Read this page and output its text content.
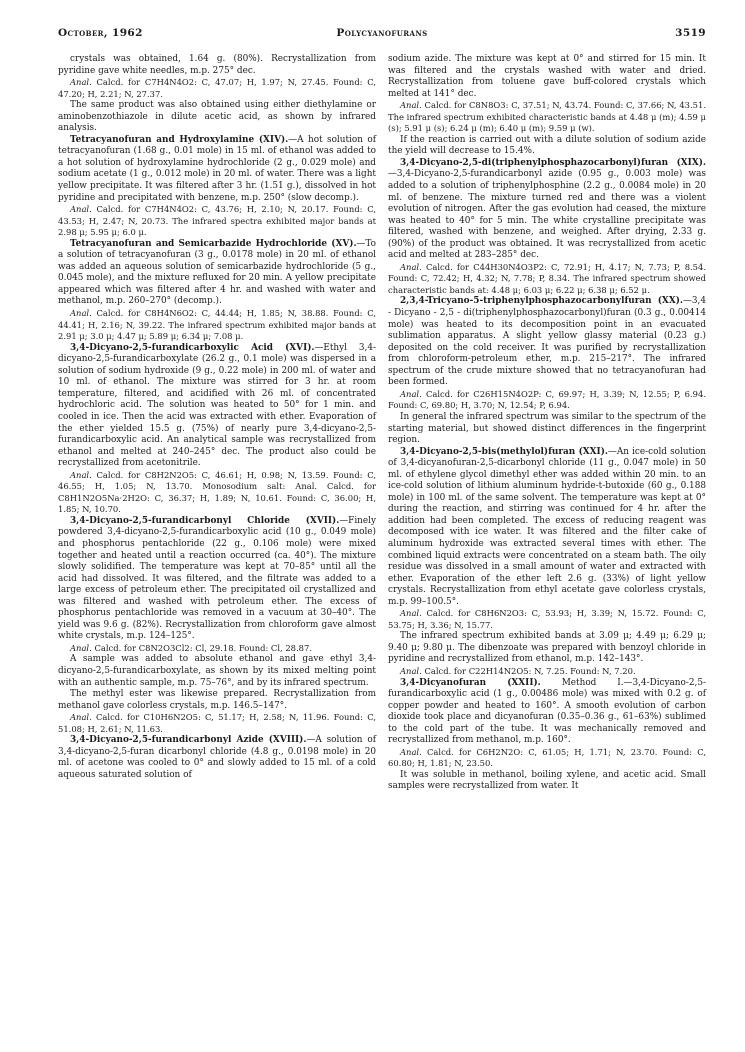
October, 1962	Polycyanofurans	3519

crystals was obtained, 1.64 g. (80%). Recrystallization from pyridine gave white needles, m.p. 275° dec.

Anal. Calcd. for C7H4N4O2: C, 47.07; H, 1.97; N, 27.45. Found: C, 47.20; H, 2.21; N, 27.37.

The same product was also obtained using either diethylamine or aminobenzothiazole in dilute acetic acid, as shown by infrared analysis.

Tetracyanofuran and Hydroxylamine (XIV).—A hot solution of tetracyanofuran (1.68 g., 0.01 mole) in 15 ml. of ethanol was added to a hot solution of hydroxylamine hydrochloride (2 g., 0.029 mole) and sodium acetate (1 g., 0.012 mole) in 20 ml. of water. There was a light yellow precipitate. It was filtered after 3 hr. (1.51 g.), dissolved in hot pyridine and precipitated with benzene, m.p. 250° (slow decomp.).

Anal. Calcd. for C7H4N4O2: C, 43.76; H, 2.10; N, 20.17. Found: C, 43.53; H, 2.47; N, 20.73. The infrared spectra exhibited major bands at 2.98 μ; 5.95 μ; 6.0 μ.

Tetracyanofuran and Semicarbazide Hydrochloride (XV).—To a solution of tetracyanofuran (3 g., 0.0178 mole) in 20 ml. of ethanol was added an aqueous solution of semicarbazide hydrochloride (5 g., 0.045 mole), and the mixture refluxed for 20 min. A yellow precipitate appeared which was filtered after 4 hr. and washed with water and methanol, m.p. 260–270° (decomp.).

Anal. Calcd. for C8H4N6O2: C, 44.44; H, 1.85; N, 38.88. Found: C, 44.41; H, 2.16; N, 39.22. The infrared spectrum exhibited major bands at 2.91 μ; 3.0 μ; 4.47 μ; 5.89 μ; 6.34 μ; 7.08 μ.

3,4-Dicyano-2,5-furandicarboxylic Acid (XVI).—Ethyl 3,4-dicyano-2,5-furandicarboxylate (26.2 g., 0.1 mole) was dispersed in a solution of sodium hydroxide (9 g., 0.22 mole) in 200 ml. of water and 10 ml. of ethanol. The mixture was stirred for 3 hr. at room temperature, filtered, and acidified with 26 ml. of concentrated hydrochloric acid. The solution was heated to 50° for 1 min. and cooled in ice. Then the acid was extracted with ether. Evaporation of the ether yielded 15.5 g. (75%) of nearly pure 3,4-dicyano-2,5-furandicarboxylic acid. An analytical sample was recrystallized from ethanol and melted at 240–245° dec. The product also could be recrystallized from acetonitrile.

Anal. Calcd. for C8H2N2O5: C, 46.61; H, 0.98; N, 13.59. Found: C, 46.55; H, 1.05; N, 13.70. Monosodium salt: Anal. Calcd. for C8H1N2O5Na·2H2O: C, 36.37; H, 1.89; N, 10.61. Found: C, 36.00; H, 1.85; N, 10.70.

3,4-Dicyano-2,5-furandicarbonyl Chloride (XVII).—Finely powdered 3,4-dicyano-2,5-furandicarboxylic acid (10 g., 0.049 mole) and phosphorus pentachloride (22 g., 0.106 mole) were mixed together and heated until a reaction occurred (ca. 40°). The mixture slowly solidified. The temperature was kept at 70–85° until all the acid had dissolved. It was filtered, and the filtrate was added to a large excess of petroleum ether. The precipitated oil crystallized and was filtered and washed with petroleum ether. The excess of phosphorus pentachloride was removed in a vacuum at 30–40°. The yield was 9.6 g. (82%). Recrystallization from chloroform gave almost white crystals, m.p. 124–125°.

Anal. Calcd. for C8N2O3Cl2: Cl, 29.18. Found: Cl, 28.87.

A sample was added to absolute ethanol and gave ethyl 3,4-dicyano-2,5-furandicarboxylate, as shown by its mixed melting point with an authentic sample, m.p. 75–76°, and by its infrared spectrum.

The methyl ester was likewise prepared. Recrystallization from methanol gave colorless crystals, m.p. 146.5–147°.

Anal. Calcd. for C10H6N2O5: C, 51.17; H, 2.58; N, 11.96. Found: C, 51.08; H, 2.61; N, 11.63.

3,4-Dicyano-2,5-furandicarbonyl Azide (XVIII).—A solution of 3,4-dicyano-2,5-furan dicarbonyl chloride (4.8 g., 0.0198 mole) in 20 ml. of acetone was cooled to 0° and slowly added to 15 ml. of a cold aqueous saturated solution of

sodium azide. The mixture was kept at 0° and stirred for 15 min. It was filtered and the crystals washed with water and dried. Recrystallization from toluene gave buff-colored crystals which melted at 141° dec.

Anal. Calcd. for C8N8O3: C, 37.51; N, 43.74. Found: C, 37.66; N, 43.51. The infrared spectrum exhibited characteristic bands at 4.48 μ (m); 4.59 μ (s); 5.91 μ (s); 6.24 μ (m); 6.40 μ (m); 9.59 μ (w).

If the reaction is carried out with a dilute solution of sodium azide the yield will decrease to 15.4%.

3,4-Dicyano-2,5-di(triphenylphosphazocarbonyl)furan (XIX).—3,4-Dicyano-2,5-furandicarbonyl azide (0.95 g., 0.003 mole) was added to a solution of triphenylphosphine (2.2 g., 0.0084 mole) in 20 ml. of benzene. The mixture turned red and there was a violent evolution of nitrogen. After the gas evolution had ceased, the mixture was heated to 40° for 5 min. The white crystalline precipitate was filtered, washed with benzene, and weighed. After drying, 2.33 g. (90%) of the product was obtained. It was recrystallized from acetic acid and melted at 283–285° dec.

Anal. Calcd. for C44H30N4O3P2: C, 72.91; H, 4.17; N, 7.73; P, 8.54. Found: C, 72.42; H, 4.32; N, 7.78; P, 8.34. The infrared spectrum showed characteristic bands at: 4.48 μ; 6.03 μ; 6.22 μ; 6.38 μ; 6.52 μ.

2,3,4-Tricyano-5-triphenylphosphazocarbonylfuran (XX).—3,4 - Dicyano - 2,5 - di(triphenylphosphazocarbonyl)furan (0.3 g., 0.00414 mole) was heated to its decomposition point in an evacuated sublimation apparatus. A slight yellow glassy material (0.23 g.) deposited on the cold receiver. It was purified by recrystallization from chloroform-petroleum ether, m.p. 215–217°. The infrared spectrum of the crude mixture showed that no tetracyanofuran had been formed.

Anal. Calcd. for C26H15N4O2P: C, 69.97; H, 3.39; N, 12.55; P, 6.94. Found: C, 69.80; H, 3.70; N, 12.54; P, 6.94.

In general the infrared spectrum was similar to the spectrum of the starting material, but showed distinct differences in the fingerprint region.

3,4-Dicyano-2,5-bis(methylol)furan (XXI).—An ice-cold solution of 3,4-dicyanofuran-2,5-dicarbonyl chloride (11 g., 0.047 mole) in 50 ml. of ethylene glycol dimethyl ether was added within 20 min. to an ice-cold solution of lithium aluminum hydride-t-butoxide (60 g., 0.188 mole) in 100 ml. of the same solvent. The temperature was kept at 0° during the reaction, and stirring was continued for 4 hr. after the addition had been completed. The excess of reducing reagent was decomposed with ice water. It was filtered and the filter cake of aluminum hydroxide was extracted several times with ether. The combined liquid extracts were concentrated on a steam bath. The oily residue was dissolved in a small amount of water and extracted with ether. Evaporation of the ether left 2.6 g. (33%) of light yellow crystals. Recrystallization from ethyl acetate gave colorless crystals, m.p. 99–100.5°.

Anal. Calcd. for C8H6N2O3: C, 53.93; H, 3.39; N, 15.72. Found: C, 53.75; H, 3.36; N, 15.77.

The infrared spectrum exhibited bands at 3.09 μ; 4.49 μ; 6.29 μ; 9.40 μ; 9.80 μ. The dibenzoate was prepared with benzoyl chloride in pyridine and recrystallized from ethanol, m.p. 142–143°.

Anal. Calcd. for C22H14N2O5: N, 7.25. Found: N, 7.20.

3,4-Dicyanofuran (XXII). Method I.—3,4-Dicyano-2,5-furandicarboxylic acid (1 g., 0.00486 mole) was mixed with 0.2 g. of copper powder and heated to 160°. A smooth evolution of carbon dioxide took place and dicyanofuran (0.35–0.36 g., 61–63%) sublimed to the cold part of the tube. It was mechanically removed and recrystallized from methanol, m.p. 160°.

Anal. Calcd. for C6H2N2O: C, 61.05; H, 1.71; N, 23.70. Found: C, 60.80; H, 1.81; N, 23.50.

It was soluble in methanol, boiling xylene, and acetic acid. Small samples were recrystallized from water. It
